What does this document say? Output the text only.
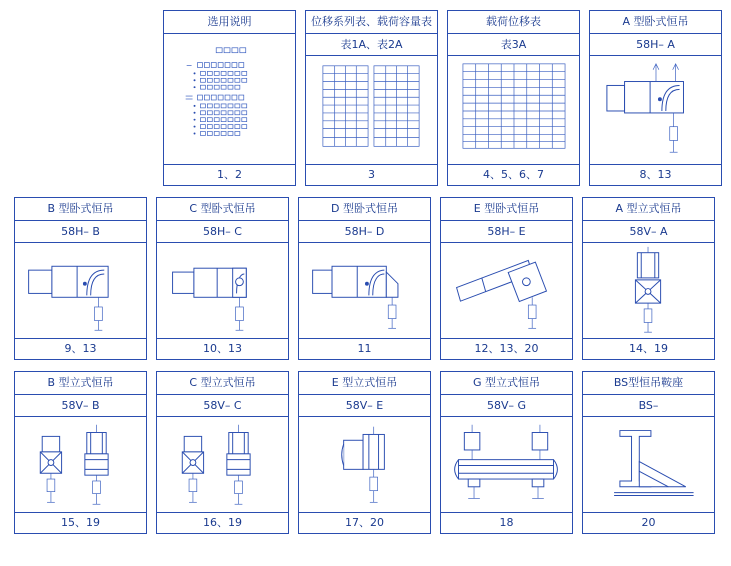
选用说明
1、2
位移系列表、载荷容量表
表1A、表2A
3
载荷位移表
表3A
4、5、6、7
A 型卧式恒吊
58H– A
8、13
B 型卧式恒吊
58H– B
9、13
C 型卧式恒吊
58H– C
10、13
D 型卧式恒吊
58H– D
11
E 型卧式恒吊
58H– E
12、13、20
A 型立式恒吊
58V– A
14、19
B 型立式恒吊
58V– B
15、19
C 型立式恒吊
58V– C
16、19
E 型立式恒吊
58V– E
17、20
G 型立式恒吊
58V– G
18
BS型恒吊鞍座
BS–
20
